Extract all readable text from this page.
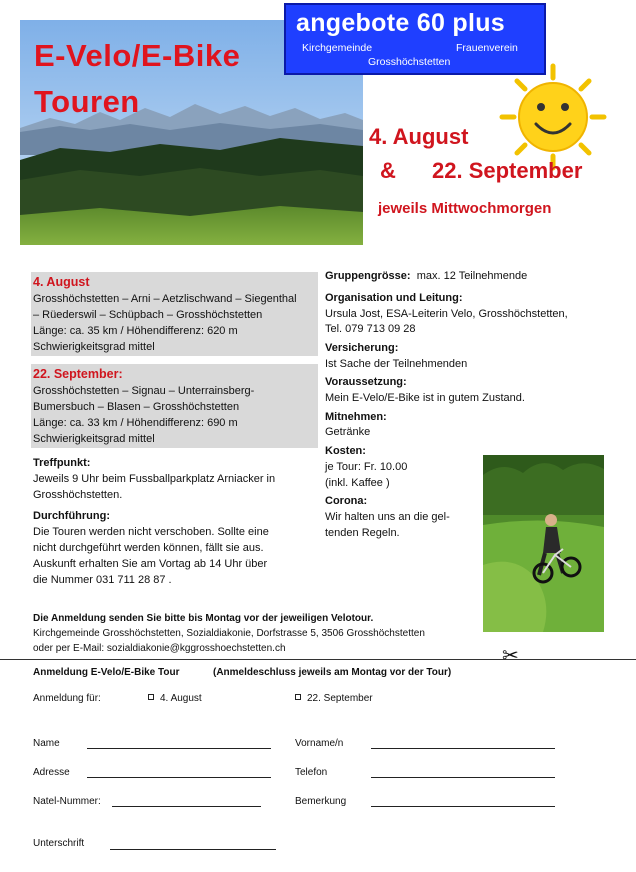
E-Velo/E-Bike
Touren
angebote 60 plus
Kirchgemeinde	Frauenverein
Grosshöchstetten
4. August
& 22. September
jeweils Mittwochmorgen
4. August
Grosshöchstetten – Arni – Aetzlischwand – Siegenthal
– Rüederswil – Schüpbach – Grosshöchstetten
Länge: ca. 35 km / Höhendifferenz: 620 m
Schwierigkeitsgrad mittel
22. September:
Grosshöchstetten – Signau – Unterrainsberg-
Bumersbuch – Blasen – Grosshöchstetten
Länge: ca. 33 km / Höhendifferenz: 690 m
Schwierigkeitsgrad mittel
Treffpunkt:
Jeweils 9 Uhr beim Fussballparkplatz Arniacker in
Grosshöchstetten.
Durchführung:
Die Touren werden nicht verschoben. Sollte eine
nicht durchgeführt werden können, fällt sie aus.
Auskunft erhalten Sie am Vortag ab 14 Uhr über
die Nummer 031 711 28 87 .
Gruppengrösse: max. 12 Teilnehmende
Organisation und Leitung:
Ursula Jost, ESA-Leiterin Velo, Grosshöchstetten,
Tel. 079 713 09 28
Versicherung:
Ist Sache der Teilnehmenden
Voraussetzung:
Mein E-Velo/E-Bike ist in gutem Zustand.
Mitnehmen:
Getränke
Kosten:
je Tour: Fr. 10.00
(inkl. Kaffee )
Corona:
Wir halten uns an die gel-
tenden Regeln.
Die Anmeldung senden Sie bitte bis Montag vor der jeweiligen Velotour.
Kirchgemeinde Grosshöchstetten, Sozialdiakonie, Dorfstrasse 5, 3506 Grosshöchstetten
oder per E-Mail: sozialdiakonie@kggrosshoechstetten.ch	✂
Anmeldung E-Velo/E-Bike Tour	(Anmeldeschluss jeweils am Montag vor der Tour)
Anmeldung für:	4. August	22. September
Name	Vorname/n
Adresse	Telefon
Natel-Nummer:	Bemerkung
Unterschrift
